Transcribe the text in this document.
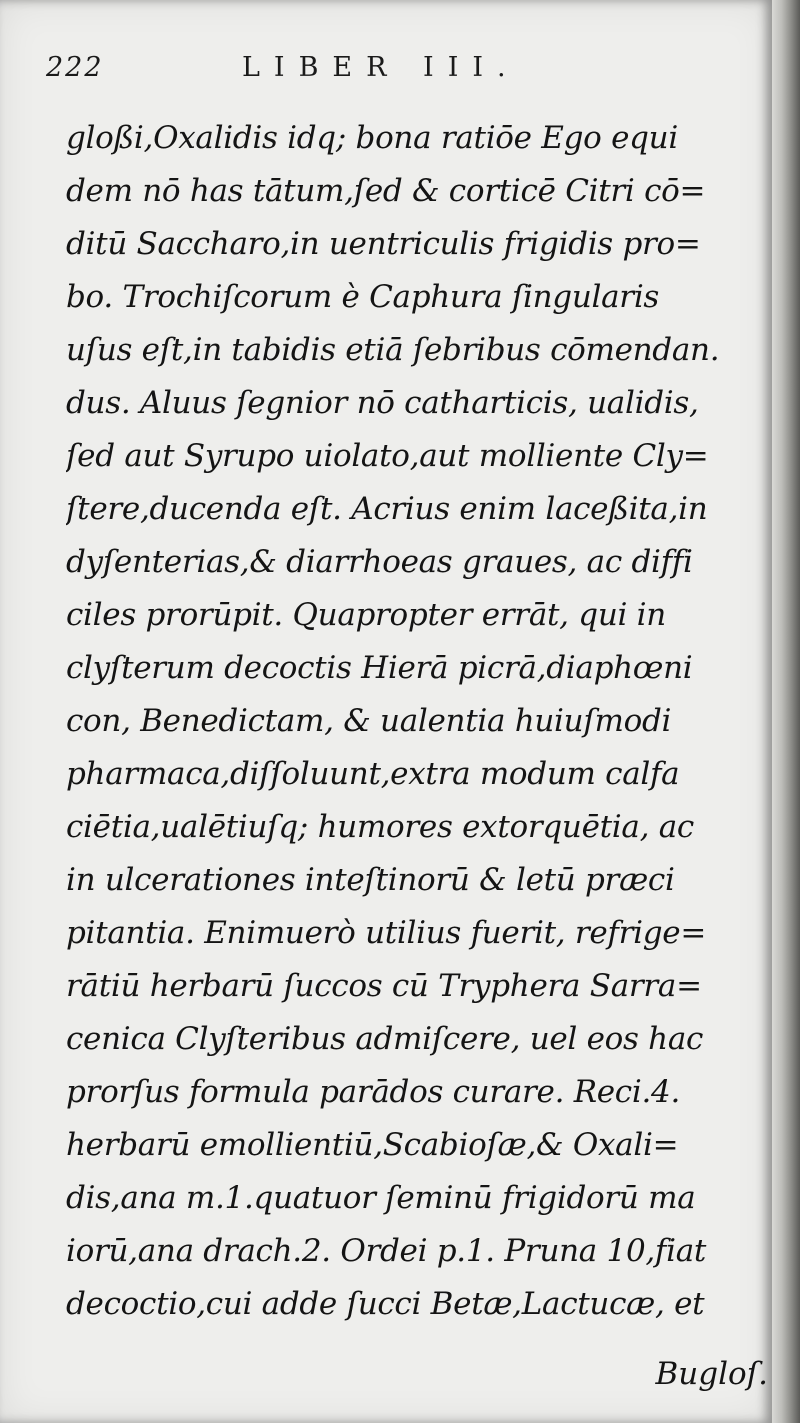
222	LIBER III.
gloßi,Oxalidis idq; bona ratiōe Ego equi
dem nō has tātum,ſed & corticē Citri cō=
ditū Saccharo,in uentriculis frigidis pro=
bo. Trochiſcorum è Caphura ſingularis
uſus eſt,in tabidis etiā ſebribus cōmendan.
dus. Aluus ſegnior nō catharticis, ualidis,
ſed aut Syrupo uiolato,aut molliente Cly=
ſtere,ducenda eſt. Acrius enim laceßita,in
dyſenterias,& diarrhoeas graues, ac diffi
ciles prorūpit. Quapropter errāt, qui in
clyſterum decoctis Hierā picrā,diaphœni
con, Benedictam, & ualentia huiuſmodi
pharmaca,diſſoluunt,extra modum calfa
ciētia,ualētiuſq; humores extorquētia, ac
in ulcerationes inteſtinorū & letū præci
pitantia. Enimuerò utilius fuerit, refrige=
rātiū herbarū ſuccos cū Tryphera Sarra=
cenica Clyſteribus admiſcere, uel eos hac
prorſus formula parādos curare. Reci.4.
herbarū emollientiū,Scabioſæ,& Oxali=
dis,ana m.1.quatuor ſeminū frigidorū ma
iorū,ana drach.2. Ordei p.1. Pruna 10,fiat
decoctio,cui adde ſucci Betæ,Lactucæ, et
Bugloſ.
